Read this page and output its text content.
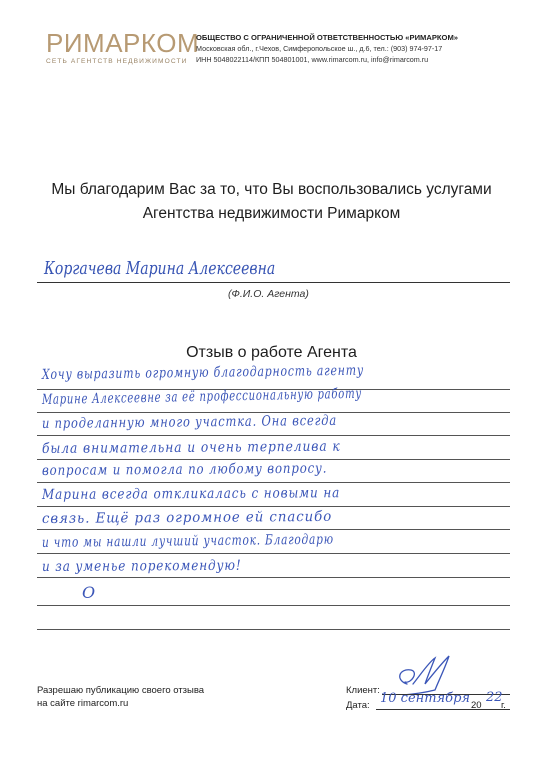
РИМАРКОМ
СЕТЬ АГЕНТСТВ НЕДВИЖИМОСТИ
ОБЩЕСТВО С ОГРАНИЧЕННОЙ ОТВЕТСТВЕННОСТЬЮ «РИМАРКОМ»
Московская обл., г.Чехов, Симферопольское ш., д.6, тел.: (903) 974-97-17
ИНН 5048022114/КПП 504801001, www.rimarcom.ru, info@rimarcom.ru
Мы благодарим Вас за то, что Вы воспользовались услугами
Агентства недвижимости Римарком
Коргачева Марина Алексеевна
(Ф.И.О. Агента)
Отзыв о работе Агента
Хочу выразить огромную благодарность агенту
Марине Алексеевне за её профессиональную работу
и проделанную много участка. Она всегда
была внимательна и очень терпелива к
вопросам и помогла по любому вопросу.
Марина всегда откликалась с новыми на
связь. Ещё раз огромное ей спасибо
и что мы нашли лучший участок. Благодарю
и за уменье порекомендую!
О
Разрешаю публикацию своего отзыва
на сайте rimarcom.ru
Клиент:
Дата: 10 сентября 20
22
г.
